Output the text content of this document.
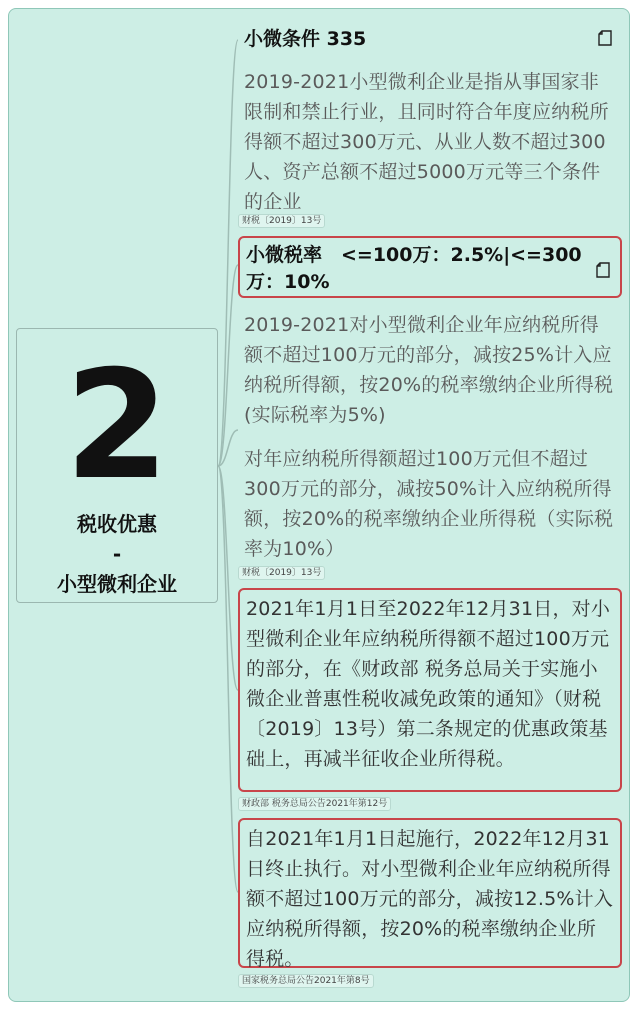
2
税收优惠
-
小型微利企业
小微条件 335
2019-2021小型微利企业是指从事国家非限制和禁止行业，且同时符合年度应纳税所得额不超过300万元、从业人数不超过300人、资产总额不超过5000万元等三个条件的企业
财税〔2019〕13号
小微税率　<=100万：2.5%|<=300万：10%
2019-2021对小型微利企业年应纳税所得额不超过100万元的部分，减按25%计入应纳税所得额，按20%的税率缴纳企业所得税(实际税率为5%)
对年应纳税所得额超过100万元但不超过300万元的部分，减按50%计入应纳税所得额，按20%的税率缴纳企业所得税（实际税率为10%）
财税〔2019〕13号
2021年1月1日至2022年12月31日，对小型微利企业年应纳税所得额不超过100万元的部分，在《财政部 税务总局关于实施小微企业普惠性税收减免政策的通知》（财税〔2019〕13号）第二条规定的优惠政策基础上，再减半征收企业所得税。
财政部 税务总局公告2021年第12号
自2021年1月1日起施行，2022年12月31日终止执行。对小型微利企业年应纳税所得额不超过100万元的部分，减按12.5%计入应纳税所得额，按20%的税率缴纳企业所得税。
国家税务总局公告2021年第8号
